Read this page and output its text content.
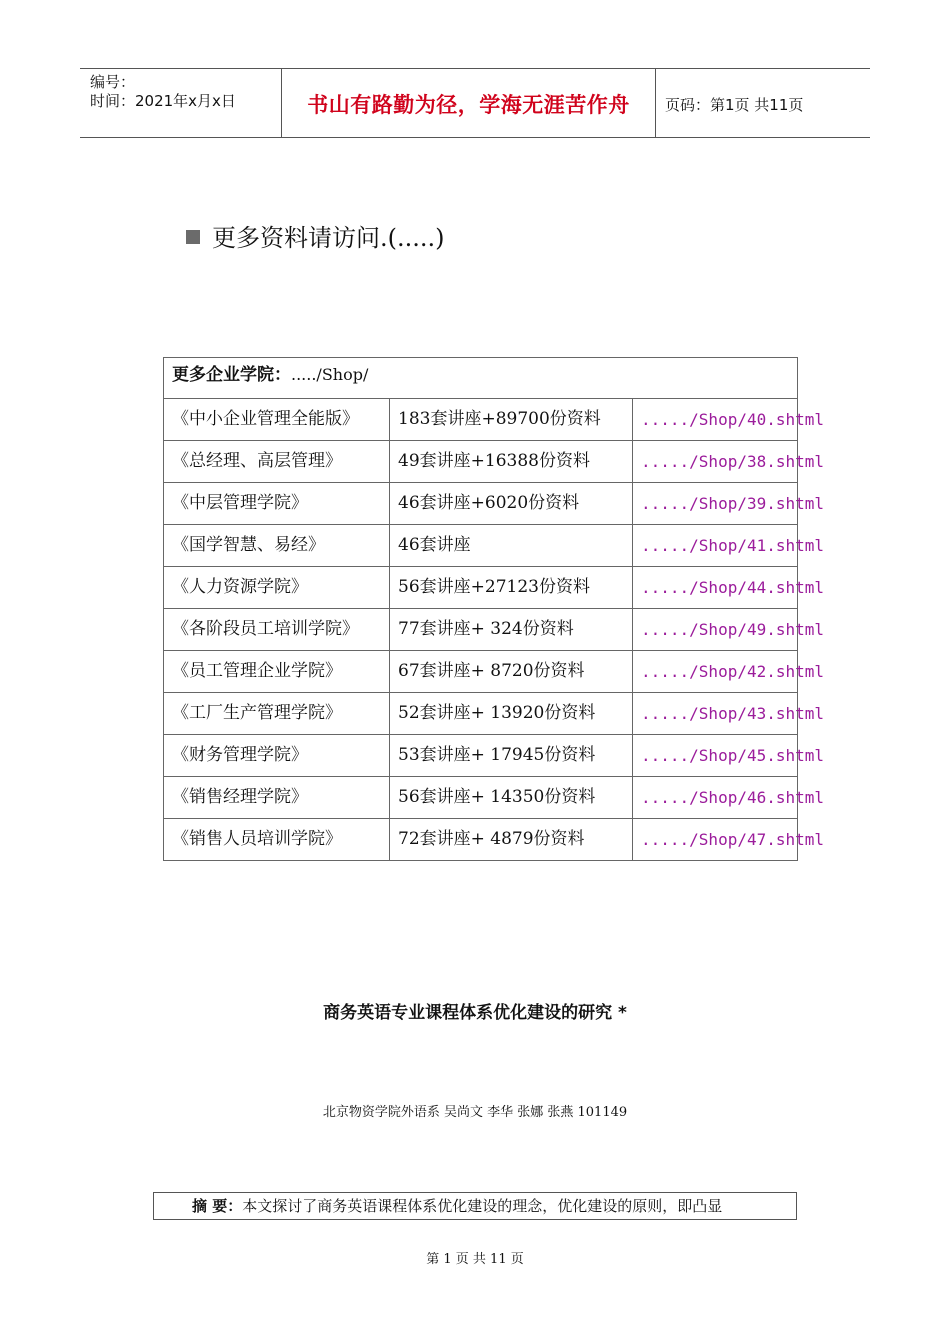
编号：
时间：2021年x月x日	书山有路勤为径，学海无涯苦作舟	页码：第1页 共11页
更多资料请访问.(.....)
更多企业学院：...../Shop/		
《中小企业管理全能版》	183套讲座+89700份资料	...../Shop/40.shtml
《总经理、高层管理》	49套讲座+16388份资料	...../Shop/38.shtml
《中层管理学院》	46套讲座+6020份资料	...../Shop/39.shtml
《国学智慧、易经》	46套讲座	...../Shop/41.shtml
《人力资源学院》	56套讲座+27123份资料	...../Shop/44.shtml
《各阶段员工培训学院》	77套讲座+ 324份资料	...../Shop/49.shtml
《员工管理企业学院》	67套讲座+ 8720份资料	...../Shop/42.shtml
《工厂生产管理学院》	52套讲座+ 13920份资料	...../Shop/43.shtml
《财务管理学院》	53套讲座+ 17945份资料	...../Shop/45.shtml
《销售经理学院》	56套讲座+ 14350份资料	...../Shop/46.shtml
《销售人员培训学院》	72套讲座+ 4879份资料	...../Shop/47.shtml
商务英语专业课程体系优化建设的研究 *
北京物资学院外语系 吴尚文 李华 张娜 张燕 101149
摘 要：本文探讨了商务英语课程体系优化建设的理念，优化建设的原则，即凸显
第 1 页 共 11 页
